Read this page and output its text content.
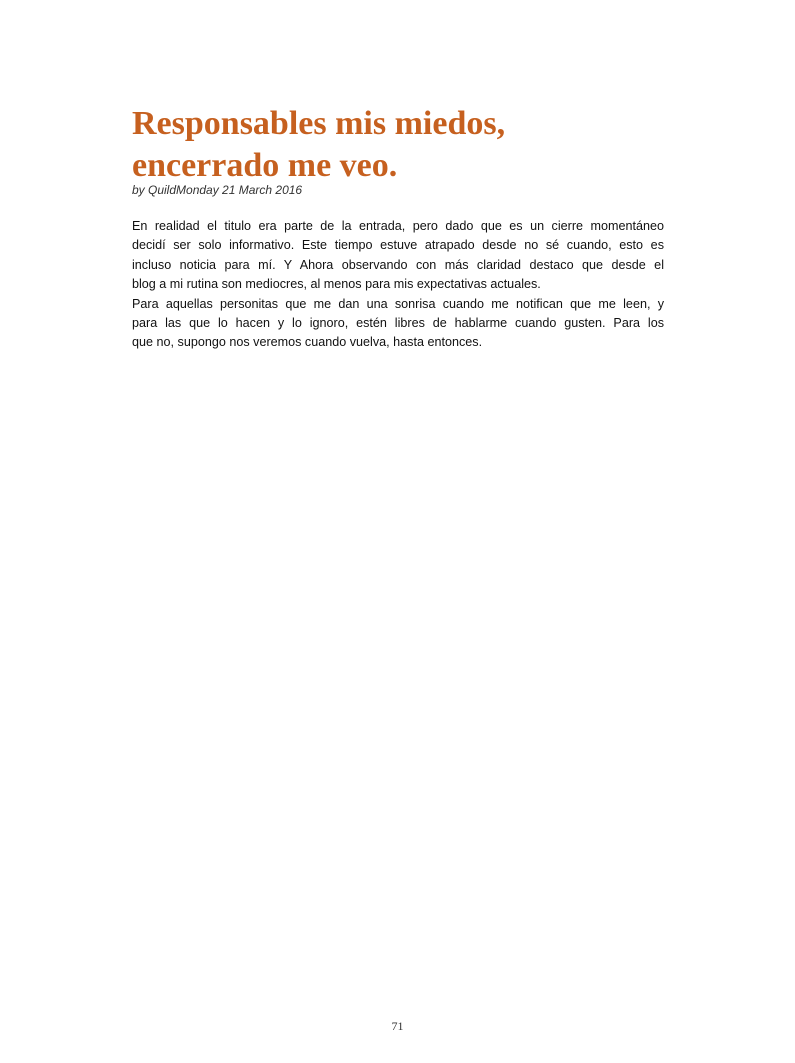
Responsables mis miedos,
encerrado me veo.
by QuildMonday 21 March 2016
En realidad el titulo era parte de la entrada, pero dado que es un cierre momentáneo
decidí ser solo informativo. Este tiempo estuve atrapado desde no sé cuando, esto es
incluso noticia para mí. Y Ahora observando con más claridad destaco que desde el
blog a mi rutina son mediocres, al menos para mis expectativas actuales.
Para aquellas personitas que me dan una sonrisa cuando me notifican que me leen, y
para las que lo hacen y lo ignoro, estén libres de hablarme cuando gusten. Para los
que no, supongo nos veremos cuando vuelva, hasta entonces.
71
